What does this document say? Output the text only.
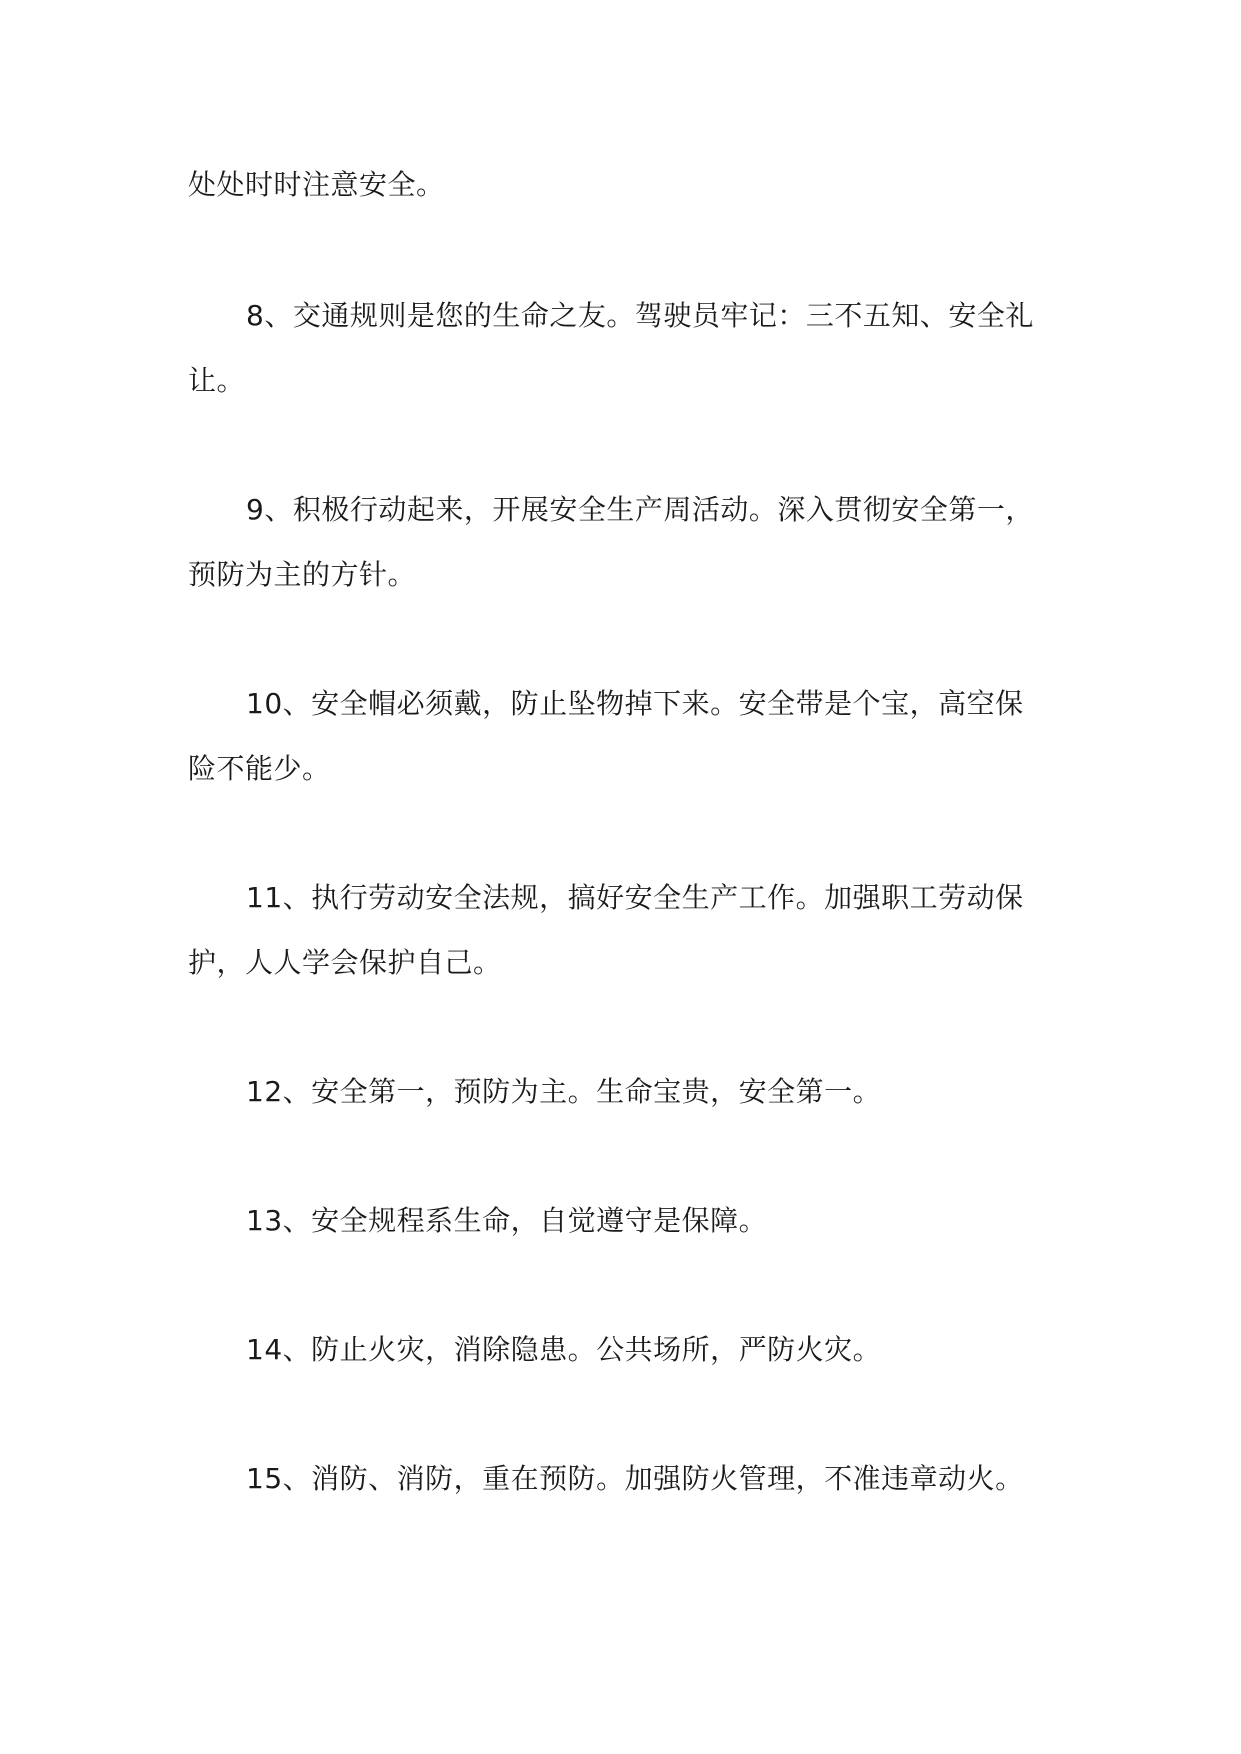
处处时时注意安全。

8、交通规则是您的生命之友。驾驶员牢记：三不五知、安全礼
让。

9、积极行动起来，开展安全生产周活动。深入贯彻安全第一，
预防为主的方针。

10、安全帽必须戴，防止坠物掉下来。安全带是个宝，高空保
险不能少。

11、执行劳动安全法规，搞好安全生产工作。加强职工劳动保
护，人人学会保护自己。

12、安全第一，预防为主。生命宝贵，安全第一。

13、安全规程系生命，自觉遵守是保障。

14、防止火灾，消除隐患。公共场所，严防火灾。

15、消防、消防，重在预防。加强防火管理，不准违章动火。
